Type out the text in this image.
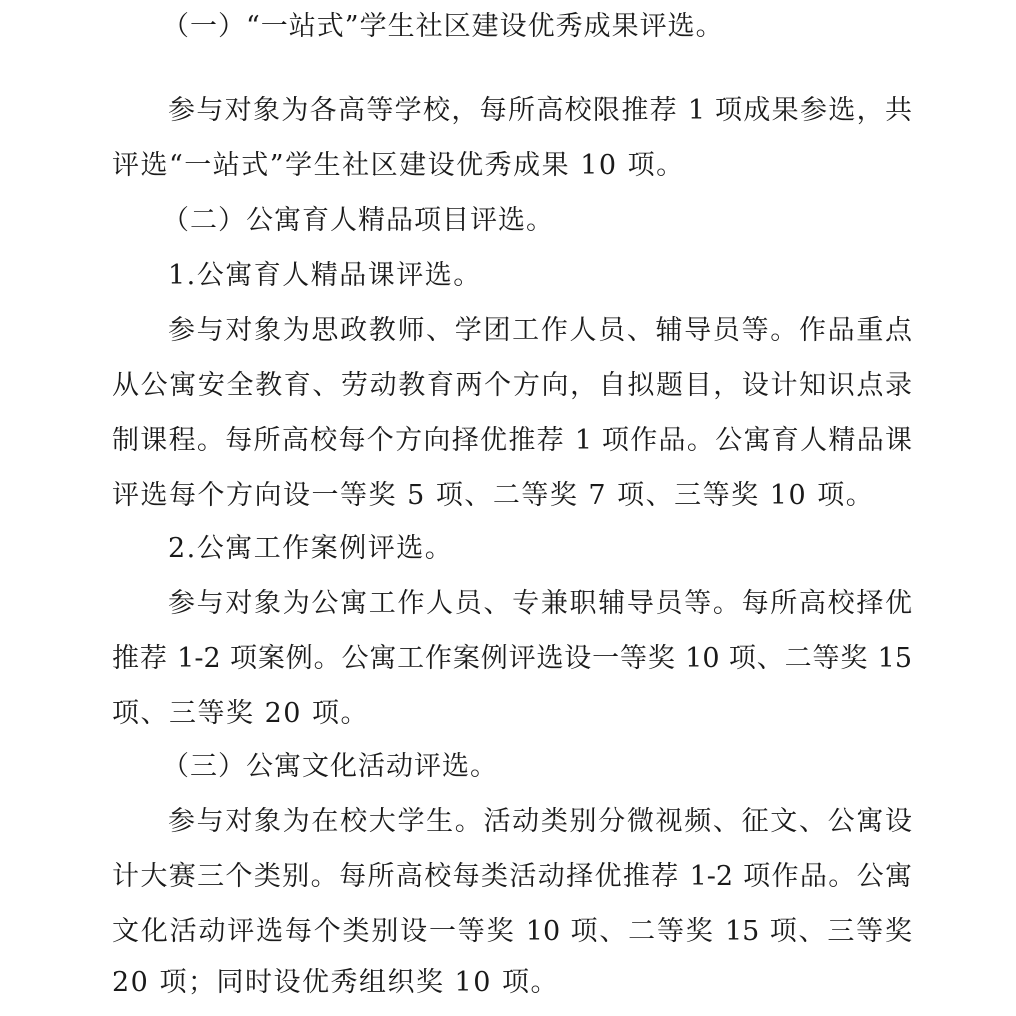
（一）“一站式”学生社区建设优秀成果评选。
参与对象为各高等学校，每所高校限推荐 1 项成果参选，共
评选“一站式”学生社区建设优秀成果 10 项。
（二）公寓育人精品项目评选。
1.公寓育人精品课评选。
参与对象为思政教师、学团工作人员、辅导员等。作品重点
从公寓安全教育、劳动教育两个方向，自拟题目，设计知识点录
制课程。每所高校每个方向择优推荐 1 项作品。公寓育人精品课
评选每个方向设一等奖 5 项、二等奖 7 项、三等奖 10 项。
2.公寓工作案例评选。
参与对象为公寓工作人员、专兼职辅导员等。每所高校择优
推荐 1-2 项案例。公寓工作案例评选设一等奖 10 项、二等奖 15
项、三等奖 20 项。
（三）公寓文化活动评选。
参与对象为在校大学生。活动类别分微视频、征文、公寓设
计大赛三个类别。每所高校每类活动择优推荐 1-2 项作品。公寓
文化活动评选每个类别设一等奖 10 项、二等奖 15 项、三等奖
20 项；同时设优秀组织奖 10 项。
